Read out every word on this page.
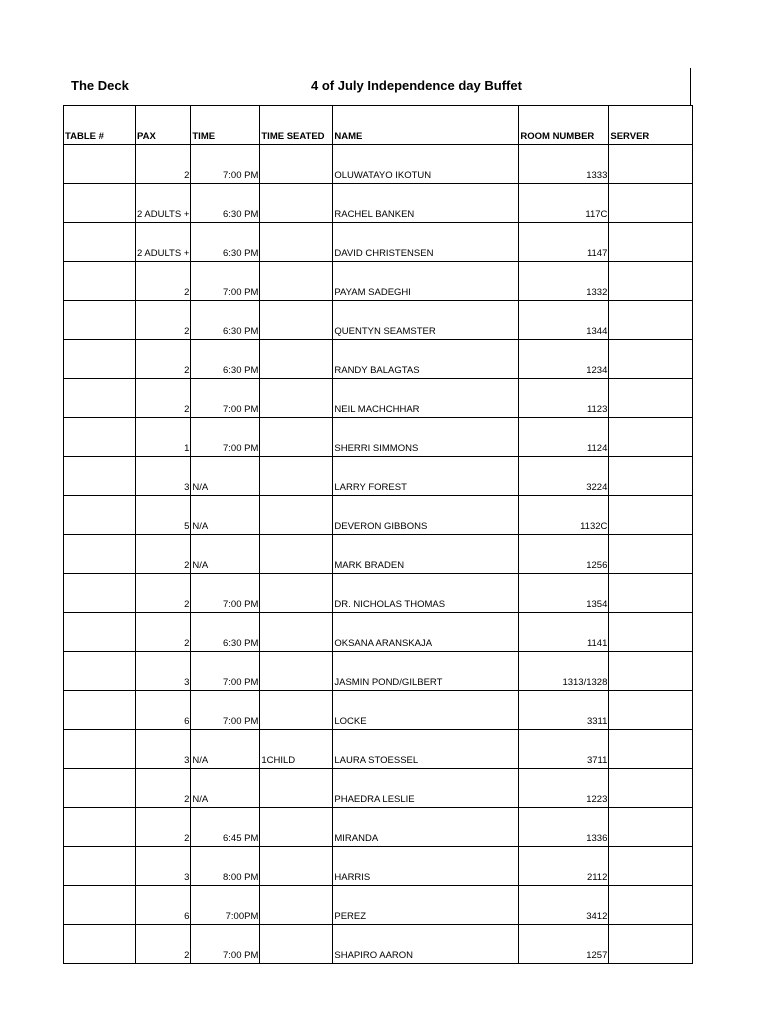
The Deck	4 of July Independence day Buffet
TABLE #	PAX	TIME	TIME SEATED	NAME	ROOM NUMBER	SERVER
	2	7:00 PM		OLUWATAYO IKOTUN	1333	
	2 ADULTS +	6:30 PM		RACHEL BANKEN	117C	
	2 ADULTS +	6:30 PM		DAVID CHRISTENSEN	1147	
	2	7:00 PM		PAYAM SADEGHI	1332	
	2	6:30 PM		QUENTYN SEAMSTER	1344	
	2	6:30 PM		RANDY BALAGTAS	1234	
	2	7:00 PM		NEIL MACHCHHAR	1123	
	1	7:00 PM		SHERRI SIMMONS	1124	
	3	N/A		LARRY FOREST	3224	
	5	N/A		DEVERON GIBBONS	1132C	
	2	N/A		MARK BRADEN	1256	
	2	7:00 PM		DR. NICHOLAS THOMAS	1354	
	2	6:30 PM		OKSANA ARANSKAJA	1141	
	3	7:00 PM		JASMIN POND/GILBERT	1313/1328	
	6	7:00 PM		LOCKE	3311	
	3	N/A	1CHILD	LAURA STOESSEL	3711	
	2	N/A		PHAEDRA LESLIE	1223	
	2	6:45 PM		MIRANDA	1336	
	3	8:00 PM		HARRIS	2112	
	6	7:00PM		PEREZ	3412	
	2	7:00 PM		SHAPIRO AARON	1257	
